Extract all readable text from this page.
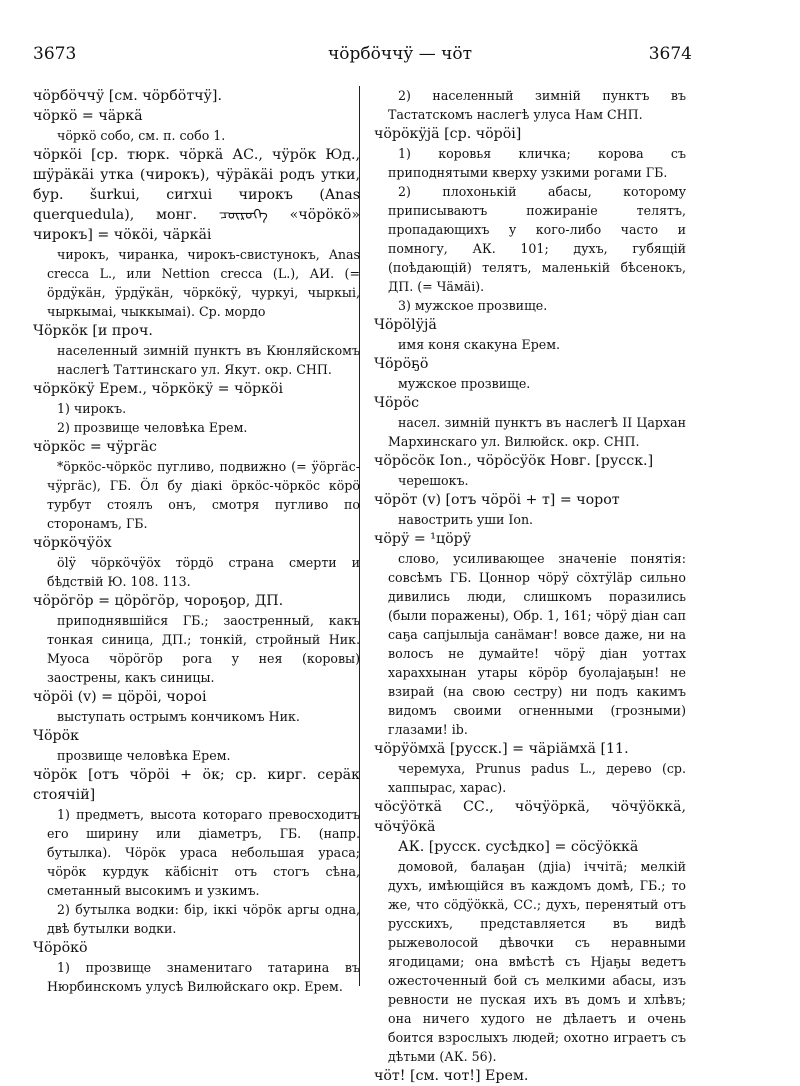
3673	чӧрбӧччӱ — чӧт	3674

чӧрбӧччӱ [см. чӧрбӧтчӱ].

чӧркӧ = чӓркӓ

чӧркӧ собо, см. п. собо 1.

чӧркӧі [ср. тюрк. чӧркӓ АС., чӱрӧк Юд., шӱрӓкӓі утка (чирокъ), чӱрӓкӓі родъ утки, бур. šurkui, cиrхui чирокъ (Anas querquedula), монг. ᠴᠥᠷᠦᠭᠡ «чӧрӧкӧ» чирокъ] = чӧкӧі, чӓркӓі

чирокъ, чиранка, чирокъ-свистунокъ, Anas crecca L., или Nettion crecca (L.), АИ. (= ӧрдӱкӓн, ӱрдӱкӓн, чӧркӧкӱ, чуркуі, чыркыі, чыркымаі, чыккымаі). Ср. мордо

Чӧркӧк [и проч.

населенный зимній пунктъ въ Кюнляйскомъ наслегѣ Таттинскаго ул. Якут. окр. СНП.

чӧркӧкӱ Ерем., чӧркӧкӱ = чӧркӧі

1) чирокъ.

2) прозвище человѣка Ерем.

чӧркӧс = чӱргӓс

*ӧркӧс-чӧркӧс пугливо, подвижно (= ӱӧргӓс-чӱргӓс), ГБ. Ӧл бу дiакі ӧркӧс-чӧркӧс кӧрӧ турбут стоялъ онъ, смотря пугливо по сторонамъ, ГБ.

чӧркӧчӱӧх

ӧlӱ чӧркӧчӱӧх тӧрдӧ страна смерти и бѣдствій Ю. 108. 113.

чӧрӧгӧр = цӧрӧгӧр, чороҕор, ДП.

приподнявшійся ГБ.; заостренный, какъ тонкая синица, ДП.; тонкій, стройный Ник. Муоса чӧрӧгӧр рога у нея (коровы) заострены, какъ синицы.

чӧрӧі (v) = цӧрӧі, чороі

выступать острымъ кончикомъ Ник.

Чӧрӧк

прозвище человѣка Ерем.

чӧрӧк [отъ чӧрӧі + ӧк; ср. кирг. серӓк стоячій]

1) предметъ, высота котораго превосходитъ его ширину или діаметръ, ГБ. (напр. бутылка). Чӧрӧк ураса небольшая ураса; чӧрӧк курдук кӓбiснiт отъ стогъ сѣна, сметанный высокимъ и узкимъ.

2) бутылка водки: бiр, iккi чӧрӧк аргы одна, двѣ бутылки водки.

Чӧрӧкӧ

1) прозвище знаменитаго татарина въ Нюрбинскомъ улусѣ Вилюйскаго окр. Ерем.

2) населенный зимній пунктъ въ Тастатскомъ наслегѣ улуса Нам СНП.

чӧрӧкӱjӓ [ср. чӧрӧі]

1) коровья кличка; корова съ приподнятыми кверху узкими рогами ГБ.

2) плохонькій абасы, которому приписываютъ пожираніе телятъ, пропадающихъ у кого-либо часто и помногу, АК. 101; духъ, губящій (поѣдающій) телятъ, маленькій бѣсенокъ, ДП. (= Чӓмӓі).

3) мужское прозвище.

Чӧрӧlӱjӓ

имя коня скакуна Ерем.

Чӧрӧҕӧ

мужское прозвище.

Чӧрӧс

насел. зимній пунктъ въ наслегѣ II Цархан Мархинскаго ул. Вилюйск. окр. СНП.

чӧрӧсӧк Ion., чӧрӧсӱӧк Новг. [русск.]

черешокъ.

чӧрӧт (v) [отъ чӧрӧі + т] = чорот

навострить уши Ion.

чӧрӱ = ¹цӧрӱ

слово, усиливающее значеніе понятія: совсѣмъ ГБ. Цоннор чӧрӱ сӧхтӱlӓр сильно дивились люди, слишкомъ поразились (были поражены), Обр. 1, 161; чӧрӱ дiан сап саҕа сапjылыjа санӓмаҥ! вовсе даже, ни на волосъ не думайте! чӧрӱ дiан уоттах хараххынан утары кӧрӧр буолаjаҕын! не взирай (на свою сестру) ни подъ какимъ видомъ своими огненными (грозными) глазами! ib.

чӧрӱӧмхӓ [русск.] = чӓрiӓмхӓ [11.

черемуха, Prunus padus L., дерево (ср. хаппырас, харас).

чӧсӱӧткӓ СС., чӧчӱӧркӓ, чӧчӱӧккӓ, чӧчӱӧкӓ

АК. [русск. сусѣдко] = сӧсӱӧккӓ

домовой, балаҕан (дjiа) iччiтӓ; мелкій духъ, имѣющійся въ каждомъ домѣ, ГБ.; то же, что сӧдӱӧккӓ, СС.; духъ, перенятый отъ русскихъ, представляется въ видѣ рыжеволосой дѣвочки съ неравными ягодицами; она вмѣстѣ съ Нjаҕы ведетъ ожесточенный бой съ мелкими абасы, изъ ревности не пуская ихъ въ домъ и хлѣвъ; она ничего худого не дѣлаетъ и очень боится взрослыхъ людей; охотно играетъ съ дѣтьми (АК. 56).

чӧт! [см. чот!] Ерем.
